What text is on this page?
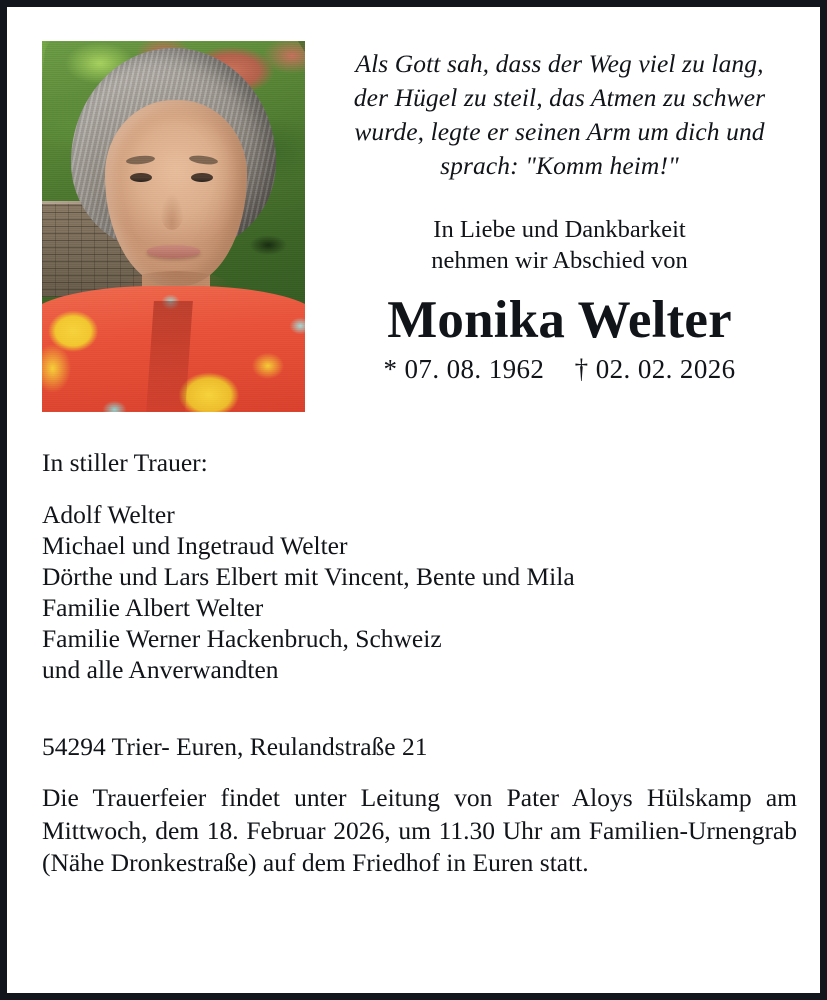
Als Gott sah, dass der Weg viel zu lang,
der Hügel zu steil, das Atmen zu schwer
wurde, legte er seinen Arm um dich und
sprach: "Komm heim!"
In Liebe und Dankbarkeit
nehmen wir Abschied von
Monika Welter
* 07. 08. 1962 † 02. 02. 2026
In stiller Trauer:
Adolf Welter
Michael und Ingetraud Welter
Dörthe und Lars Elbert mit Vincent, Bente und Mila
Familie Albert Welter
Familie Werner Hackenbruch, Schweiz
und alle Anverwandten
54294 Trier- Euren, Reulandstraße 21
Die Trauerfeier findet unter Leitung von Pater Aloys Hülskamp am Mittwoch, dem 18. Februar 2026, um 11.30 Uhr am Familien-Urnengrab (Nähe Dronkestraße) auf dem Friedhof in Euren statt.
